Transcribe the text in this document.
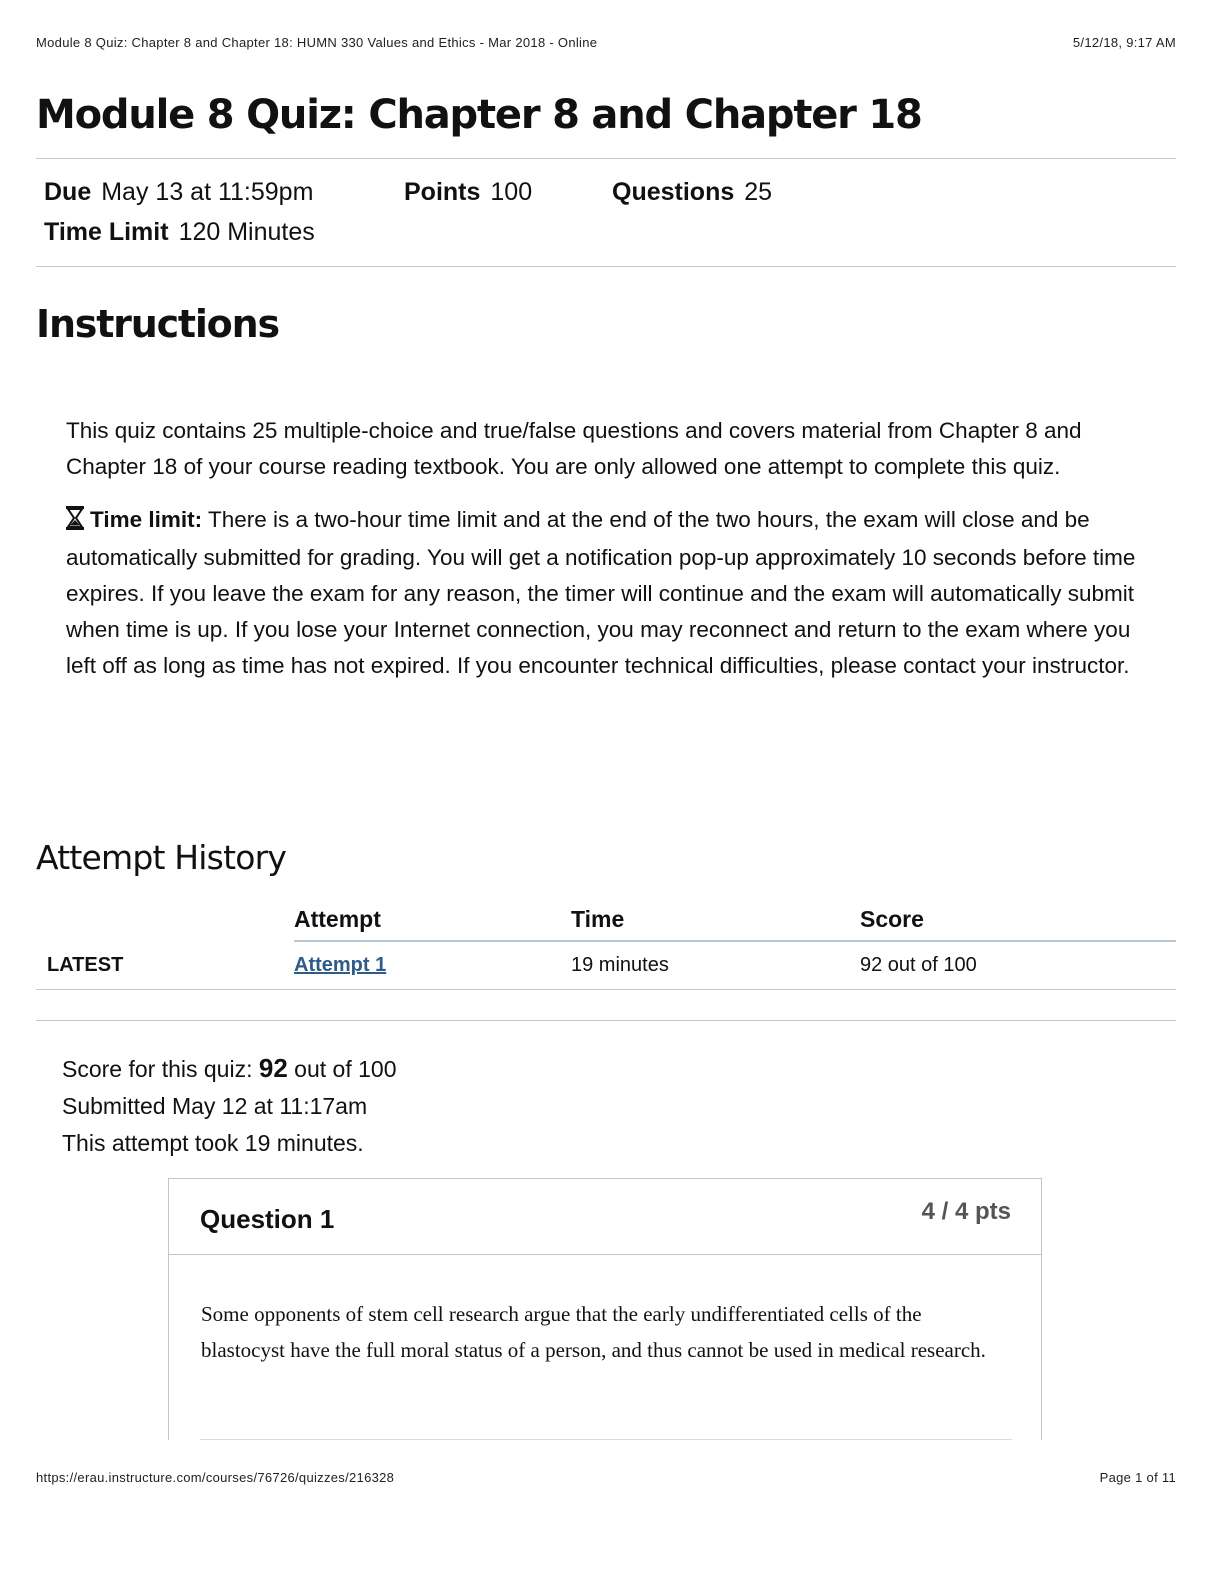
Module 8 Quiz: Chapter 8 and Chapter 18: HUMN 330 Values and Ethics - Mar 2018 - Online	5/12/18, 9:17 AM
Module 8 Quiz: Chapter 8 and Chapter 18
Due May 13 at 11:59pm	Points 100	Questions 25
Time Limit 120 Minutes
Instructions

This quiz contains 25 multiple-choice and true/false questions and covers material from Chapter 8 and Chapter 18 of your course reading textbook. You are only allowed one attempt to complete this quiz.

Time limit: There is a two-hour time limit and at the end of the two hours, the exam will close and be automatically submitted for grading. You will get a notification pop-up approximately 10 seconds before time expires. If you leave the exam for any reason, the timer will continue and the exam will automatically submit when time is up. If you lose your Internet connection, you may reconnect and return to the exam where you left off as long as time has not expired. If you encounter technical difficulties, please contact your instructor.

Attempt History
	Attempt	Time	Score
LATEST	Attempt 1	19 minutes	92 out of 100
Score for this quiz: 92 out of 100
Submitted May 12 at 11:17am
This attempt took 19 minutes.
Question 1	4 / 4 pts
Some opponents of stem cell research argue that the early undifferentiated cells of the blastocyst have the full moral status of a person, and thus cannot be used in medical research.
https://erau.instructure.com/courses/76726/quizzes/216328	Page 1 of 11
